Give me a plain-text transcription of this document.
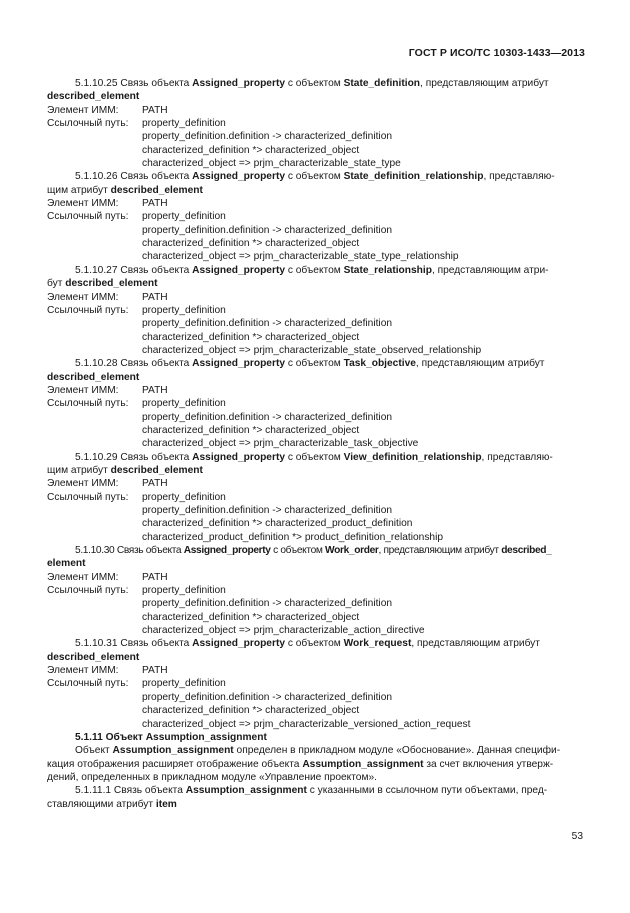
ГОСТ Р ИСО/ТС 10303-1433—2013

5.1.10.25 Связь объекта Assigned_property с объектом State_definition, представляющим атрибут

described_element

Элемент ИММ:	PATH
Ссылочный путь:	property_definition
property_definition.definition -> characterized_definition
characterized_definition *> characterized_object
characterized_object => prjm_characterizable_state_type

5.1.10.26 Связь объекта Assigned_property с объектом State_definition_relationship, представляю-

щим атрибут described_element

Элемент ИММ:	PATH
Ссылочный путь:	property_definition
property_definition.definition -> characterized_definition
characterized_definition *> characterized_object
characterized_object => prjm_characterizable_state_type_relationship

5.1.10.27 Связь объекта Assigned_property с объектом State_relationship, представляющим атри-

бут described_element

Элемент ИММ:	PATH
Ссылочный путь:	property_definition
property_definition.definition -> characterized_definition
characterized_definition *> characterized_object
characterized_object => prjm_characterizable_state_observed_relationship

5.1.10.28 Связь объекта Assigned_property с объектом Task_objective, представляющим атрибут

described_element

Элемент ИММ:	PATH
Ссылочный путь:	property_definition
property_definition.definition -> characterized_definition
characterized_definition *> characterized_object
characterized_object => prjm_characterizable_task_objective

5.1.10.29 Связь объекта Assigned_property с объектом View_definition_relationship, представляю-

щим атрибут described_element

Элемент ИММ:	PATH
Ссылочный путь:	property_definition
property_definition.definition -> characterized_definition
characterized_definition *> characterized_product_definition
characterized_product_definition *> product_definition_relationship

5.1.10.30 Связь объекта Assigned_property с объектом Work_order, представляющим атрибут described_

element

Элемент ИММ:	PATH
Ссылочный путь:	property_definition
property_definition.definition -> characterized_definition
characterized_definition *> characterized_object
characterized_object => prjm_characterizable_action_directive

5.1.10.31 Связь объекта Assigned_property с объектом Work_request, представляющим атрибут

described_element

Элемент ИММ:	PATH
Ссылочный путь:	property_definition
property_definition.definition -> characterized_definition
characterized_definition *> characterized_object
characterized_object => prjm_characterizable_versioned_action_request

5.1.11 Объект Assumption_assignment

Объект Assumption_assignment определен в прикладном модуле «Обоснование». Данная специфи-

кация отображения расширяет отображение объекта Assumption_assignment за счет включения утверж-

дений, определенных в прикладном модуле «Управление проектом».

5.1.11.1 Связь объекта Assumption_assignment с указанными в ссылочном пути объектами, пред-

ставляющими атрибут item

53
